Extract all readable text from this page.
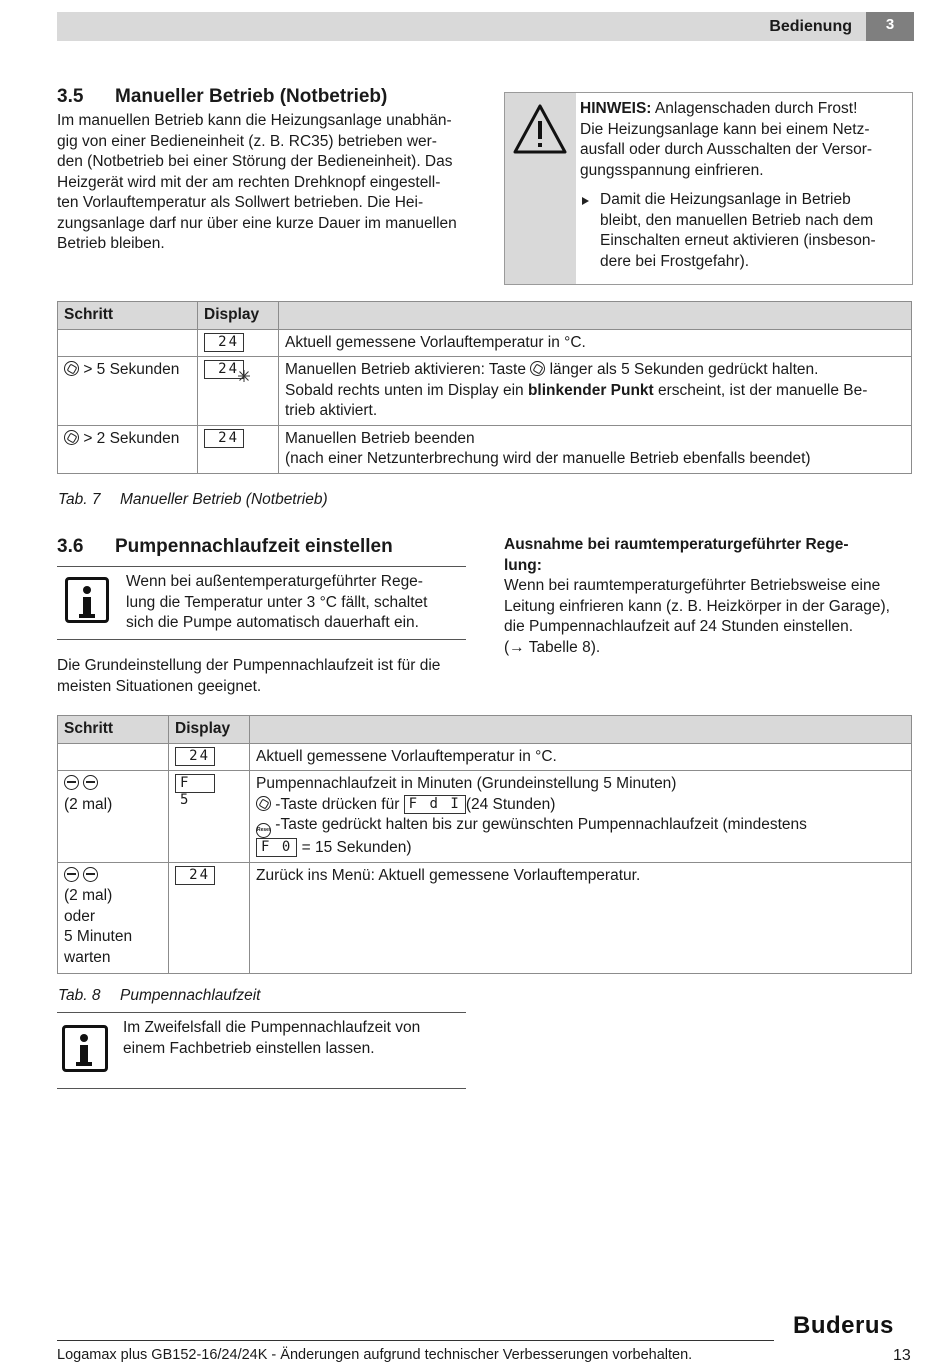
Bedienung	3
3.5 Manueller Betrieb (Notbetrieb)
Im manuellen Betrieb kann die Heizungsanlage unabhän-
gig von einer Bedieneinheit (z. B. RC35) betrieben wer-
den (Notbetrieb bei einer Störung der Bedieneinheit). Das
Heizgerät wird mit der am rechten Drehknopf eingestell-
ten Vorlauftemperatur als Sollwert betrieben. Die Hei-
zungsanlage darf nur über eine kurze Dauer im manuellen
Betrieb bleiben.
HINWEIS: Anlagenschaden durch Frost!
Die Heizungsanlage kann bei einem Netz-
ausfall oder durch Ausschalten der Versor-
gungsspannung einfrieren.
Damit die Heizungsanlage in Betrieb
bleibt, den manuellen Betrieb nach dem
Einschalten erneut aktivieren (insbeson-
dere bei Frostgefahr).
Schritt	Display	
	24	Aktuell gemessene Vorlauftemperatur in °C.
> 5 Sekunden	24	Manuellen Betrieb aktivieren: Taste  länger als 5 Sekunden gedrückt halten.
Sobald rechts unten im Display ein blinkender Punkt erscheint, ist der manuelle Be-
trieb aktiviert.

> 2 Sekunden	24	Manuellen Betrieb beenden
(nach einer Netzunterbrechung wird der manuelle Betrieb ebenfalls beendet)
Tab. 7 Manueller Betrieb (Notbetrieb)
3.6 Pumpennachlaufzeit einstellen
Wenn bei außentemperaturgeführter Rege-
lung die Temperatur unter 3 °C fällt, schaltet
sich die Pumpe automatisch dauerhaft ein.
Die Grundeinstellung der Pumpennachlaufzeit ist für die
meisten Situationen geeignet.
Ausnahme bei raumtemperaturgeführter Rege-
lung:
Wenn bei raumtemperaturgeführter Betriebsweise eine
Leitung einfrieren kann (z. B. Heizkörper in der Garage),
die Pumpennachlaufzeit auf 24 Stunden einstellen.
(→ Tabelle 8).
Schritt	Display	
	24	Aktuell gemessene Vorlauftemperatur in °C.

(2 mal)	F 5	Pumpennachlaufzeit in Minuten (Grundeinstellung 5 Minuten)
-Taste drücken für F d I (24 Stunden)
Reset -Taste gedrückt halten bis zur gewünschten Pumpennachlaufzeit (mindestens
F 0 = 15 Sekunden)

(2 mal)
oder
5 Minuten
warten	24	Zurück ins Menü: Aktuell gemessene Vorlauftemperatur.
Tab. 8 Pumpennachlaufzeit
Im Zweifelsfall die Pumpennachlaufzeit von
einem Fachbetrieb einstellen lassen.
Buderus
Logamax plus GB152-16/24/24K - Änderungen aufgrund technischer Verbesserungen vorbehalten.	13
